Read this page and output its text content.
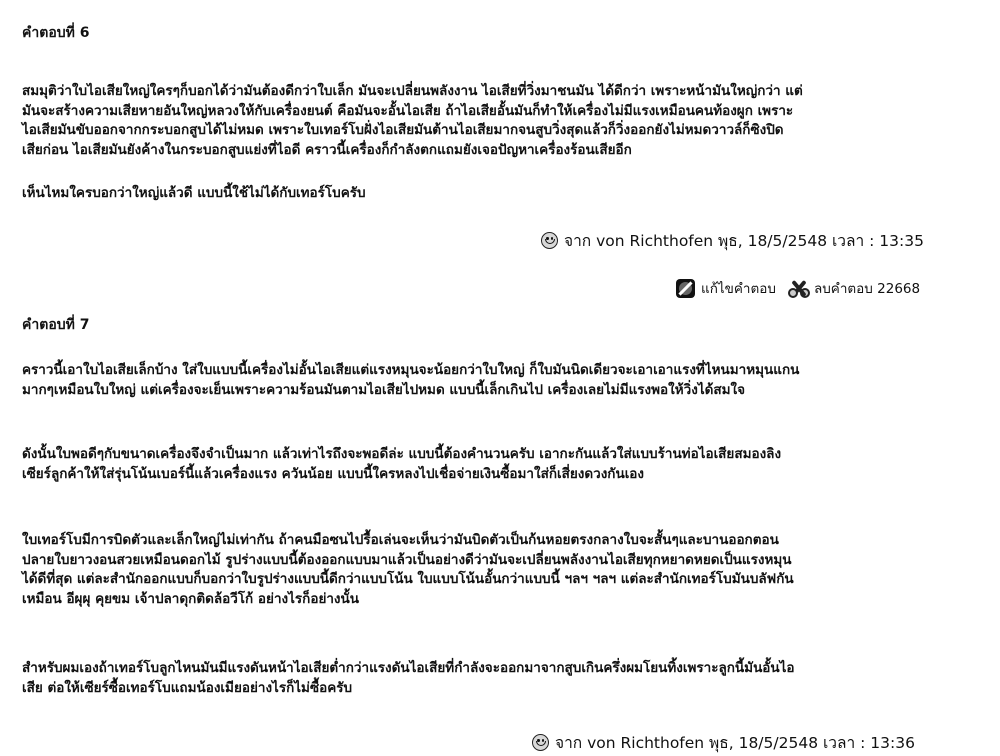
คำตอบที่ 6
สมมุติว่าใบไอเสียใหญ่ใครๆก็บอกได้ว่ามันต้องดีกว่าใบเล็ก มันจะเปลี่ยนพลังงาน ไอเสียที่วิ่งมาชนมัน ได้ดีกว่า เพราะหน้ามันใหญ่กว่า แต่
มันจะสร้างความเสียหายอันใหญ่หลวงให้กับเครื่องยนต์ คือมันจะอั้นไอเสีย ถ้าไอเสียอั้นมันก็ทำให้เครื่องไม่มีแรงเหมือนคนท้องผูก เพราะ
ไอเสียมันขับออกจากกระบอกสูบได้ไม่หมด เพราะใบเทอร์โบฝั่งไอเสียมันต้านไอเสียมากจนสูบวิ่งสุดแล้วก็วิ่งออกยังไม่หมดวาวล์ก็ซิงปิด
เสียก่อน ไอเสียมันยังค้างในกระบอกสูบแย่งที่ไอดี คราวนี้เครื่องก็กำลังตกแถมยังเจอปัญหาเครื่องร้อนเสียอีก
เห็นไหมใครบอกว่าใหญ่แล้วดี แบบนี้ใช้ไม่ได้กับเทอร์โบครับ
จาก von Richthofen พุธ, 18/5/2548 เวลา : 13:35
แก้ไขคำตอบ	ลบคำตอบ 22668
คำตอบที่ 7
คราวนี้เอาใบไอเสียเล็กบ้าง ใส่ใบแบบนี้เครื่องไม่อั้นไอเสียแต่แรงหมุนจะน้อยกว่าใบใหญ่ ก็ใบมันนิดเดียวจะเอาเอาแรงที่ไหนมาหมุนแกน
มากๆเหมือนใบใหญ่ แต่เครื่องจะเย็นเพราะความร้อนมันตามไอเสียไปหมด แบบนี้เล็กเกินไป เครื่องเลยไม่มีแรงพอให้วิ่งได้สมใจ
ดังนั้นใบพอดีๆกับขนาดเครื่องจึงจำเป็นมาก แล้วเท่าไรถึงจะพอดีล่ะ แบบนี้ต้องคำนวนครับ เอากะกันแล้วใส่แบบร้านท่อไอเสียสมองลิง
เซียร์ลูกค้าให้ใส่รุ่นโน้นเบอร์นี้แล้วเครื่องแรง ควันน้อย แบบนี้ใครหลงไปเชื่อจ่ายเงินซื้อมาใส่ก็เสี่ยงดวงกันเอง
ใบเทอร์โบมีการบิดตัวและเล็กใหญ่ไม่เท่ากัน ถ้าคนมือซนไปรื้อเล่นจะเห็นว่ามันบิดตัวเป็นก้นหอยตรงกลางใบจะสั้นๆและบานออกตอน
ปลายใบยาวงอนสวยเหมือนดอกไม้ รูปร่างแบบนี้ต้องออกแบบมาแล้วเป็นอย่างดีว่ามันจะเปลี่ยนพลังงานไอเสียทุกหยาดหยดเป็นแรงหมุน
ได้ดีที่สุด แต่ละสำนักออกแบบก็บอกว่าใบรูปร่างแบบนี้ดีกว่าแบบโน้น ใบแบบโน้นอั้นกว่าแบบนี้ ฯลฯ ฯลฯ แต่ละสำนักเทอร์โบมันบลัฟกัน
เหมือน อีผุผุ คุยขม เจ้าปลาดุกติดล้อวีโก้ อย่างไรก็อย่างนั้น
สำหรับผมเองถ้าเทอร์โบลูกไหนมันมีแรงดันหน้าไอเสียต่ำกว่าแรงดันไอเสียที่กำลังจะออกมาจากสูบเกินครึ่งผมโยนทิ้งเพราะลูกนี้มันอั้นไอ
เสีย ต่อให้เซียร์ซื้อเทอร์โบแถมน้องเมียอย่างไรก็ไม่ซื้อครับ
จาก von Richthofen พุธ, 18/5/2548 เวลา : 13:36
